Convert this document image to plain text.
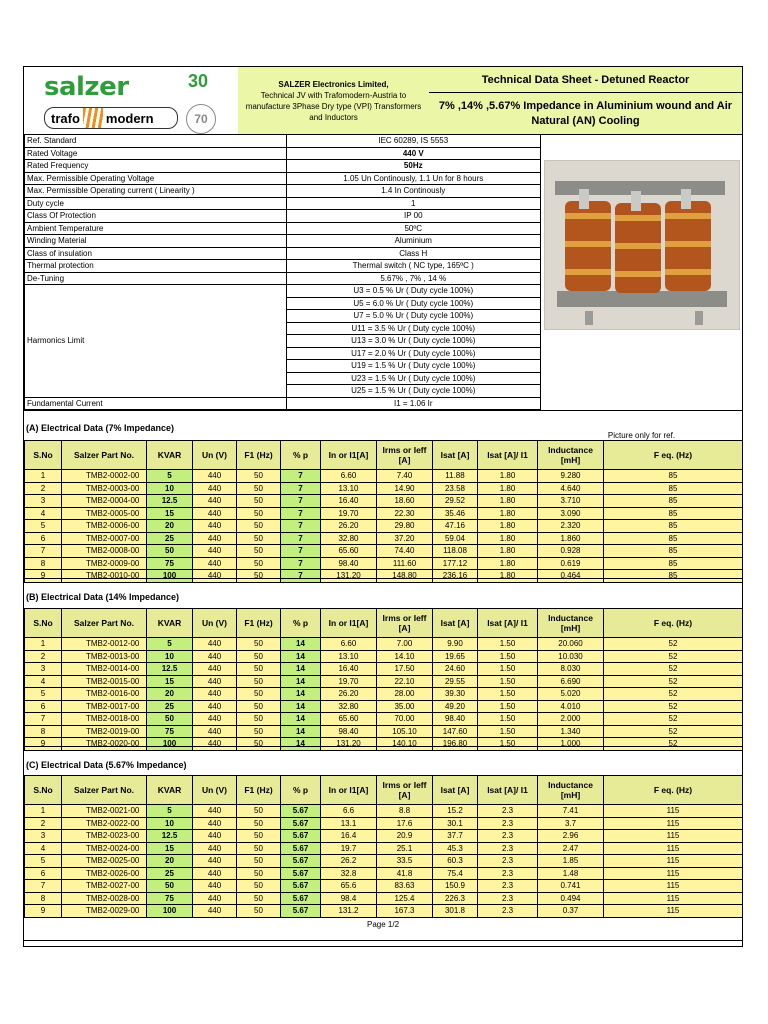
salzer	30
trafo modern	70
SALZER Electronics Limited,
Technical JV with Trafomodern-Austria to manufacture 3Phase Dry type (VPI) Transformers and Inductors
Technical Data Sheet - Detuned Reactor
7% ,14% ,5.67% Impedance in Aluminium wound and Air Natural (AN) Cooling
Ref. Standard	IEC 60289, IS 5553
Rated Voltage	440 V
Rated Frequency	50Hz
Max. Permissible Operating Voltage	1.05 Un Continously, 1.1 Un for 8 hours
Max. Permissible Operating current ( Linearity )	1.4 In Continously
Duty cycle	1
Class Of Protection	IP 00
Ambient Temperature	50ºC
Winding Material	Aluminium
Class of insulation	Class H
Thermal protection	Thermal switch ( NC type, 165ºC )
De-Tuning	5.67% , 7% , 14 %
Harmonics Limit	U3 = 0.5 % Ur ( Duty cycle 100%)
	U5 = 6.0 % Ur ( Duty cycle 100%)
	U7 = 5.0 % Ur ( Duty cycle 100%)
	U11 = 3.5 % Ur ( Duty cycle 100%)
	U13 = 3.0 % Ur ( Duty cycle 100%)
	U17 = 2.0 % Ur ( Duty cycle 100%)
	U19 = 1.5 % Ur ( Duty cycle 100%)
	U23 = 1.5 % Ur ( Duty cycle 100%)
	U25 = 1.5 % Ur ( Duty cycle 100%)
Fundamental Current	I1 = 1.06 Ir
Picture only for ref.
(A) Electrical Data (7% Impedance)
S.No	Salzer Part No.	KVAR	Un (V)	F1 (Hz)	% p	In or I1[A]	Irms or Ieff [A]	Isat [A]	Isat [A]/ I1	Inductance [mH]	F eq. (Hz)
1	TMB2-0002-00	5	440	50	7	6.60	7.40	11.88	1.80	9.280	85
2	TMB2-0003-00	10	440	50	7	13.10	14.90	23.58	1.80	4.640	85
3	TMB2-0004-00	12.5	440	50	7	16.40	18.60	29.52	1.80	3.710	85
4	TMB2-0005-00	15	440	50	7	19.70	22.30	35.46	1.80	3.090	85
5	TMB2-0006-00	20	440	50	7	26.20	29.80	47.16	1.80	2.320	85
6	TMB2-0007-00	25	440	50	7	32.80	37.20	59.04	1.80	1.860	85
7	TMB2-0008-00	50	440	50	7	65.60	74.40	118.08	1.80	0.928	85
8	TMB2-0009-00	75	440	50	7	98.40	111.60	177.12	1.80	0.619	85
9	TMB2-0010-00	100	440	50	7	131.20	148.80	236.16	1.80	0.464	85
(B) Electrical Data (14% Impedance)
S.No	Salzer Part No.	KVAR	Un (V)	F1 (Hz)	% p	In or I1[A]	Irms or Ieff [A]	Isat [A]	Isat [A]/ I1	Inductance [mH]	F eq. (Hz)
1	TMB2-0012-00	5	440	50	14	6.60	7.00	9.90	1.50	20.060	52
2	TMB2-0013-00	10	440	50	14	13.10	14.10	19.65	1.50	10.030	52
3	TMB2-0014-00	12.5	440	50	14	16.40	17.50	24.60	1.50	8.030	52
4	TMB2-0015-00	15	440	50	14	19.70	22.10	29.55	1.50	6.690	52
5	TMB2-0016-00	20	440	50	14	26.20	28.00	39.30	1.50	5.020	52
6	TMB2-0017-00	25	440	50	14	32.80	35.00	49.20	1.50	4.010	52
7	TMB2-0018-00	50	440	50	14	65.60	70.00	98.40	1.50	2.000	52
8	TMB2-0019-00	75	440	50	14	98.40	105.10	147.60	1.50	1.340	52
9	TMB2-0020-00	100	440	50	14	131.20	140.10	196.80	1.50	1.000	52
(C) Electrical Data (5.67% Impedance)
S.No	Salzer Part No.	KVAR	Un (V)	F1 (Hz)	% p	In or I1[A]	Irms or Ieff [A]	Isat [A]	Isat [A]/ I1	Inductance [mH]	F eq. (Hz)
1	TMB2-0021-00	5	440	50	5.67	6.6	8.8	15.2	2.3	7.41	115
2	TMB2-0022-00	10	440	50	5.67	13.1	17.6	30.1	2.3	3.7	115
3	TMB2-0023-00	12.5	440	50	5.67	16.4	20.9	37.7	2.3	2.96	115
4	TMB2-0024-00	15	440	50	5.67	19.7	25.1	45.3	2.3	2.47	115
5	TMB2-0025-00	20	440	50	5.67	26.2	33.5	60.3	2.3	1.85	115
6	TMB2-0026-00	25	440	50	5.67	32.8	41.8	75.4	2.3	1.48	115
7	TMB2-0027-00	50	440	50	5.67	65.6	83.63	150.9	2.3	0.741	115
8	TMB2-0028-00	75	440	50	5.67	98.4	125.4	226.3	2.3	0.494	115
9	TMB2-0029-00	100	440	50	5.67	131.2	167.3	301.8	2.3	0.37	115
Page 1/2
